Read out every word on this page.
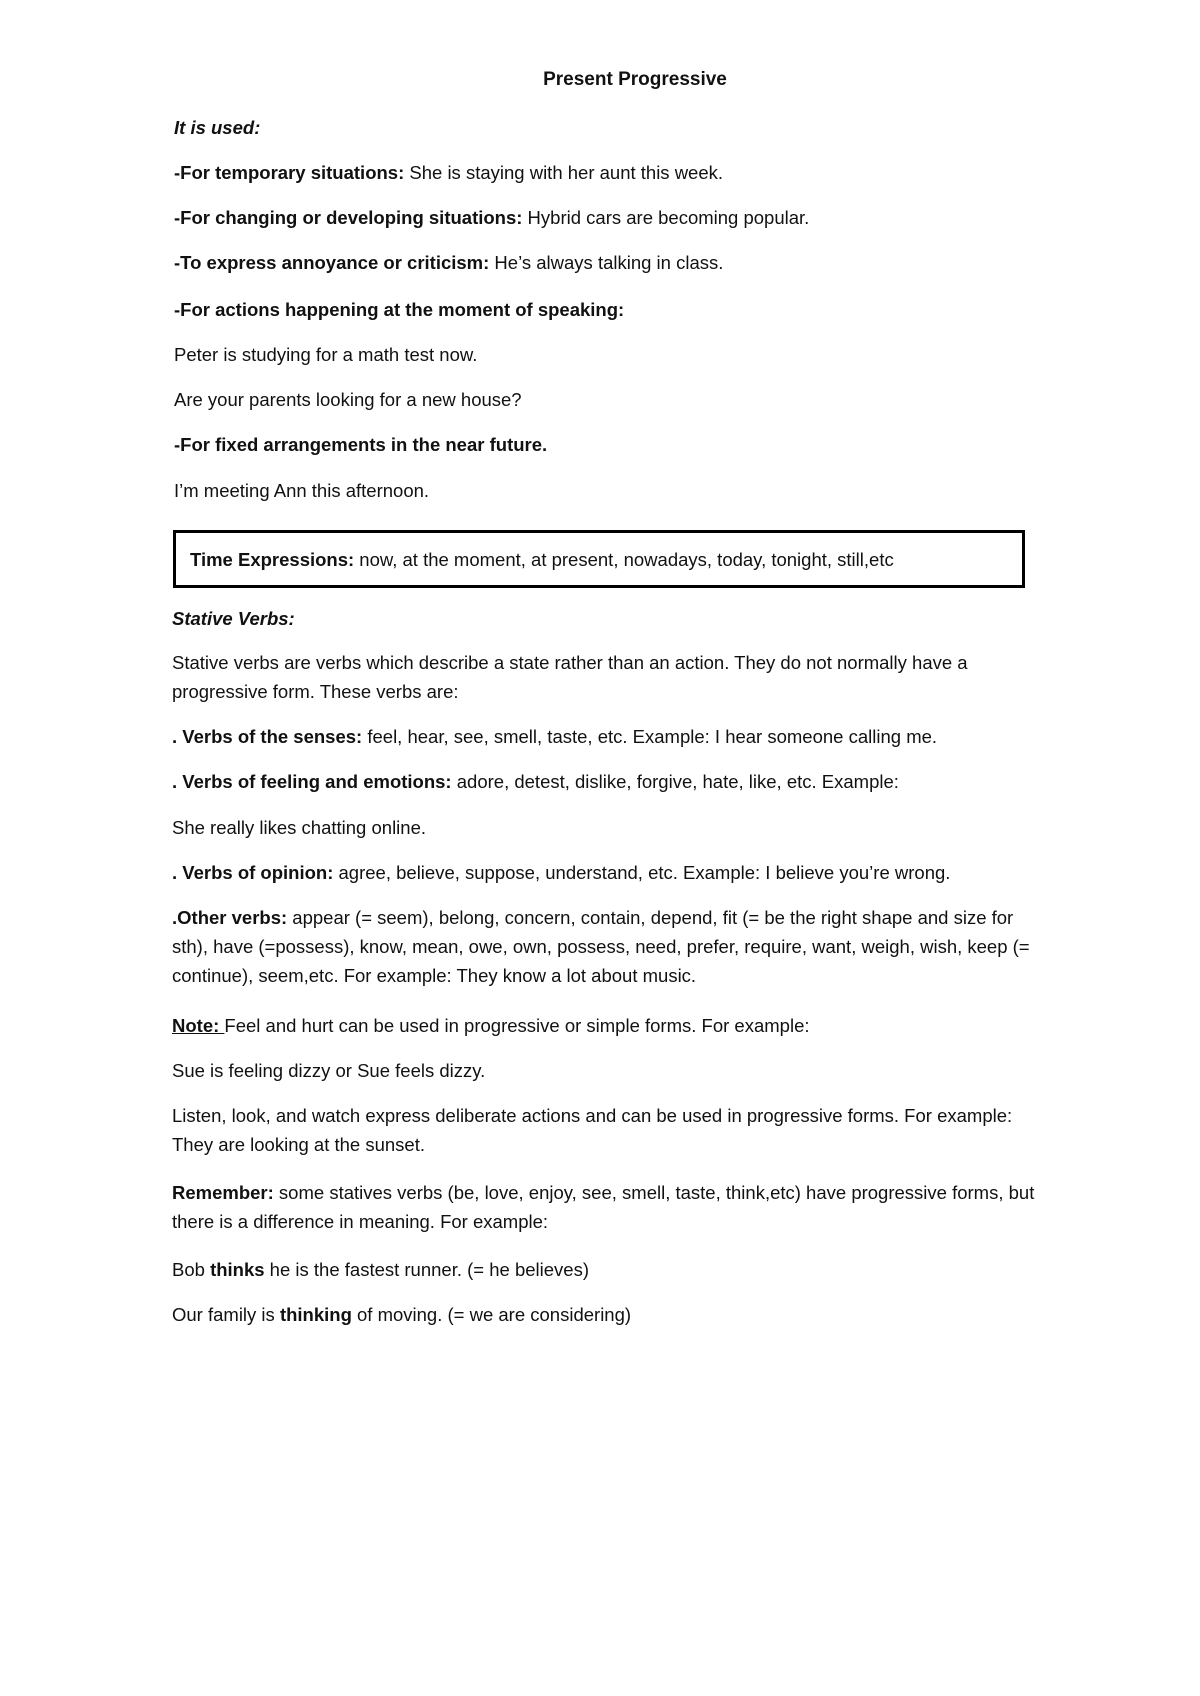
Present Progressive
It is used:
-For temporary situations: She is staying with her aunt this week.
-For changing or developing situations: Hybrid cars are becoming popular.
-To express annoyance or criticism: He’s always talking in class.
-For actions happening at the moment of speaking:
Peter is studying for a math test now.
Are your parents looking for a new house?
-For fixed arrangements in the near future.
I’m meeting Ann this afternoon.
Time Expressions: now, at the moment, at present, nowadays, today, tonight, still,etc
Stative Verbs:
Stative verbs are verbs which describe a state rather than an action. They do not normally have a progressive form. These verbs are:
. Verbs of the senses: feel, hear, see, smell, taste, etc. Example: I hear someone calling me.
. Verbs of feeling and emotions: adore, detest, dislike, forgive, hate, like, etc. Example:
She really likes chatting online.
. Verbs of opinion: agree, believe, suppose, understand, etc. Example: I believe you’re wrong.
.Other verbs: appear (= seem), belong, concern, contain, depend, fit (= be the right shape and size for sth), have (=possess), know, mean, owe, own, possess, need, prefer, require, want, weigh, wish, keep (= continue), seem,etc. For example: They know a lot about music.
Note: Feel and hurt can be used in progressive or simple forms. For example:
Sue is feeling dizzy or Sue feels dizzy.
Listen, look, and watch express deliberate actions and can be used in progressive forms. For example: They are looking at the sunset.
Remember: some statives verbs (be, love, enjoy, see, smell, taste, think,etc) have progressive forms, but there is a difference in meaning. For example:
Bob thinks he is the fastest runner. (= he believes)
Our family is thinking of moving. (= we are considering)
